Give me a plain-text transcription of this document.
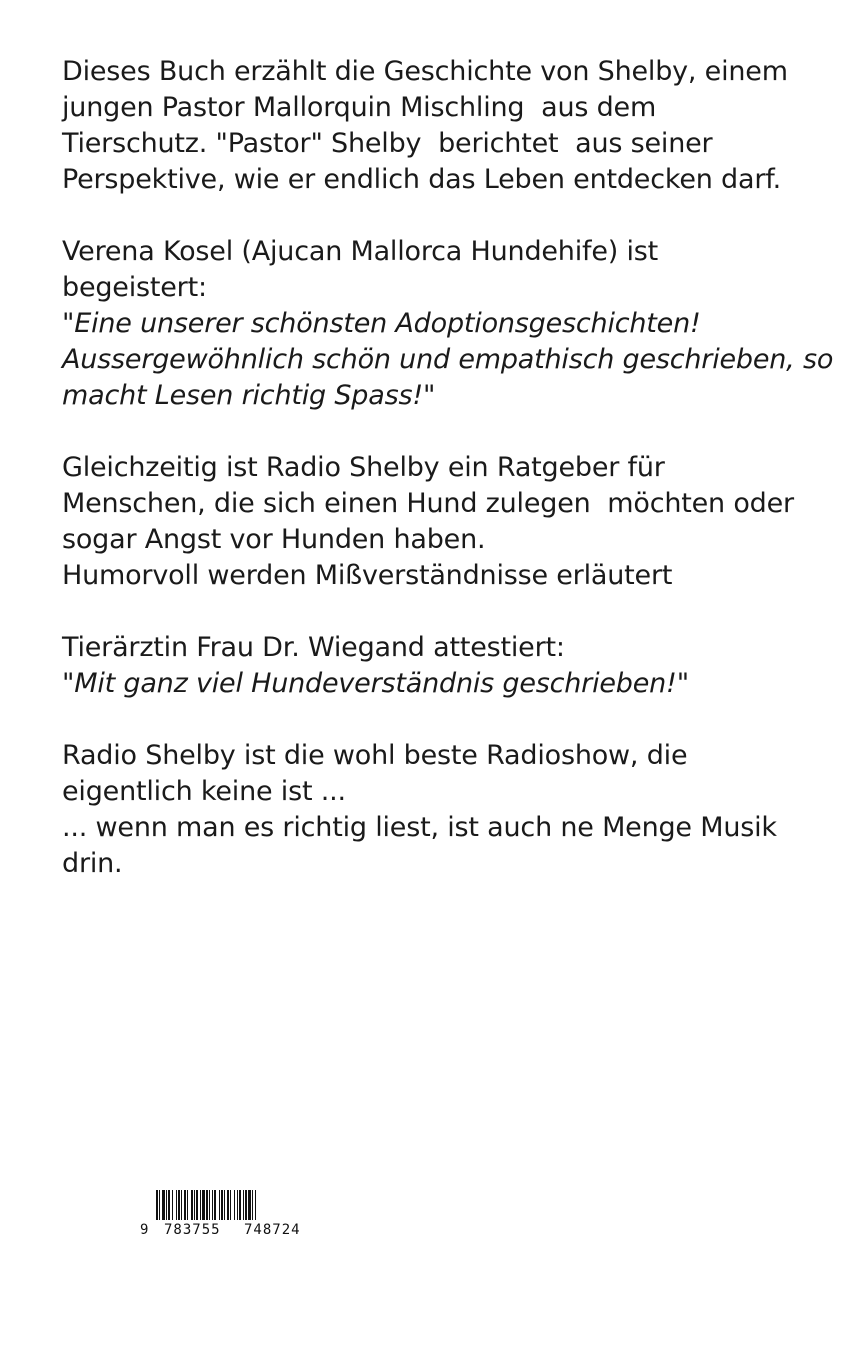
Dieses Buch erzählt die Geschichte von Shelby, einem
jungen Pastor Mallorquin Mischling  aus dem
Tierschutz. "Pastor" Shelby  berichtet  aus seiner
Perspektive, wie er endlich das Leben entdecken darf.

Verena Kosel (Ajucan Mallorca Hundehife) ist
begeistert:
"Eine unserer schönsten Adoptionsgeschichten!
Aussergewöhnlich schön und empathisch geschrieben, so
macht Lesen richtig Spass!"

Gleichzeitig ist Radio Shelby ein Ratgeber für
Menschen, die sich einen Hund zulegen  möchten oder
sogar Angst vor Hunden haben.
Humorvoll werden Mißverständnisse erläutert

Tierärztin Frau Dr. Wiegand attestiert:
"Mit ganz viel Hundeverständnis geschrieben!"

Radio Shelby ist die wohl beste Radioshow, die
eigentlich keine ist ...
... wenn man es richtig liest, ist auch ne Menge Musik
drin.

9 783755 748724
